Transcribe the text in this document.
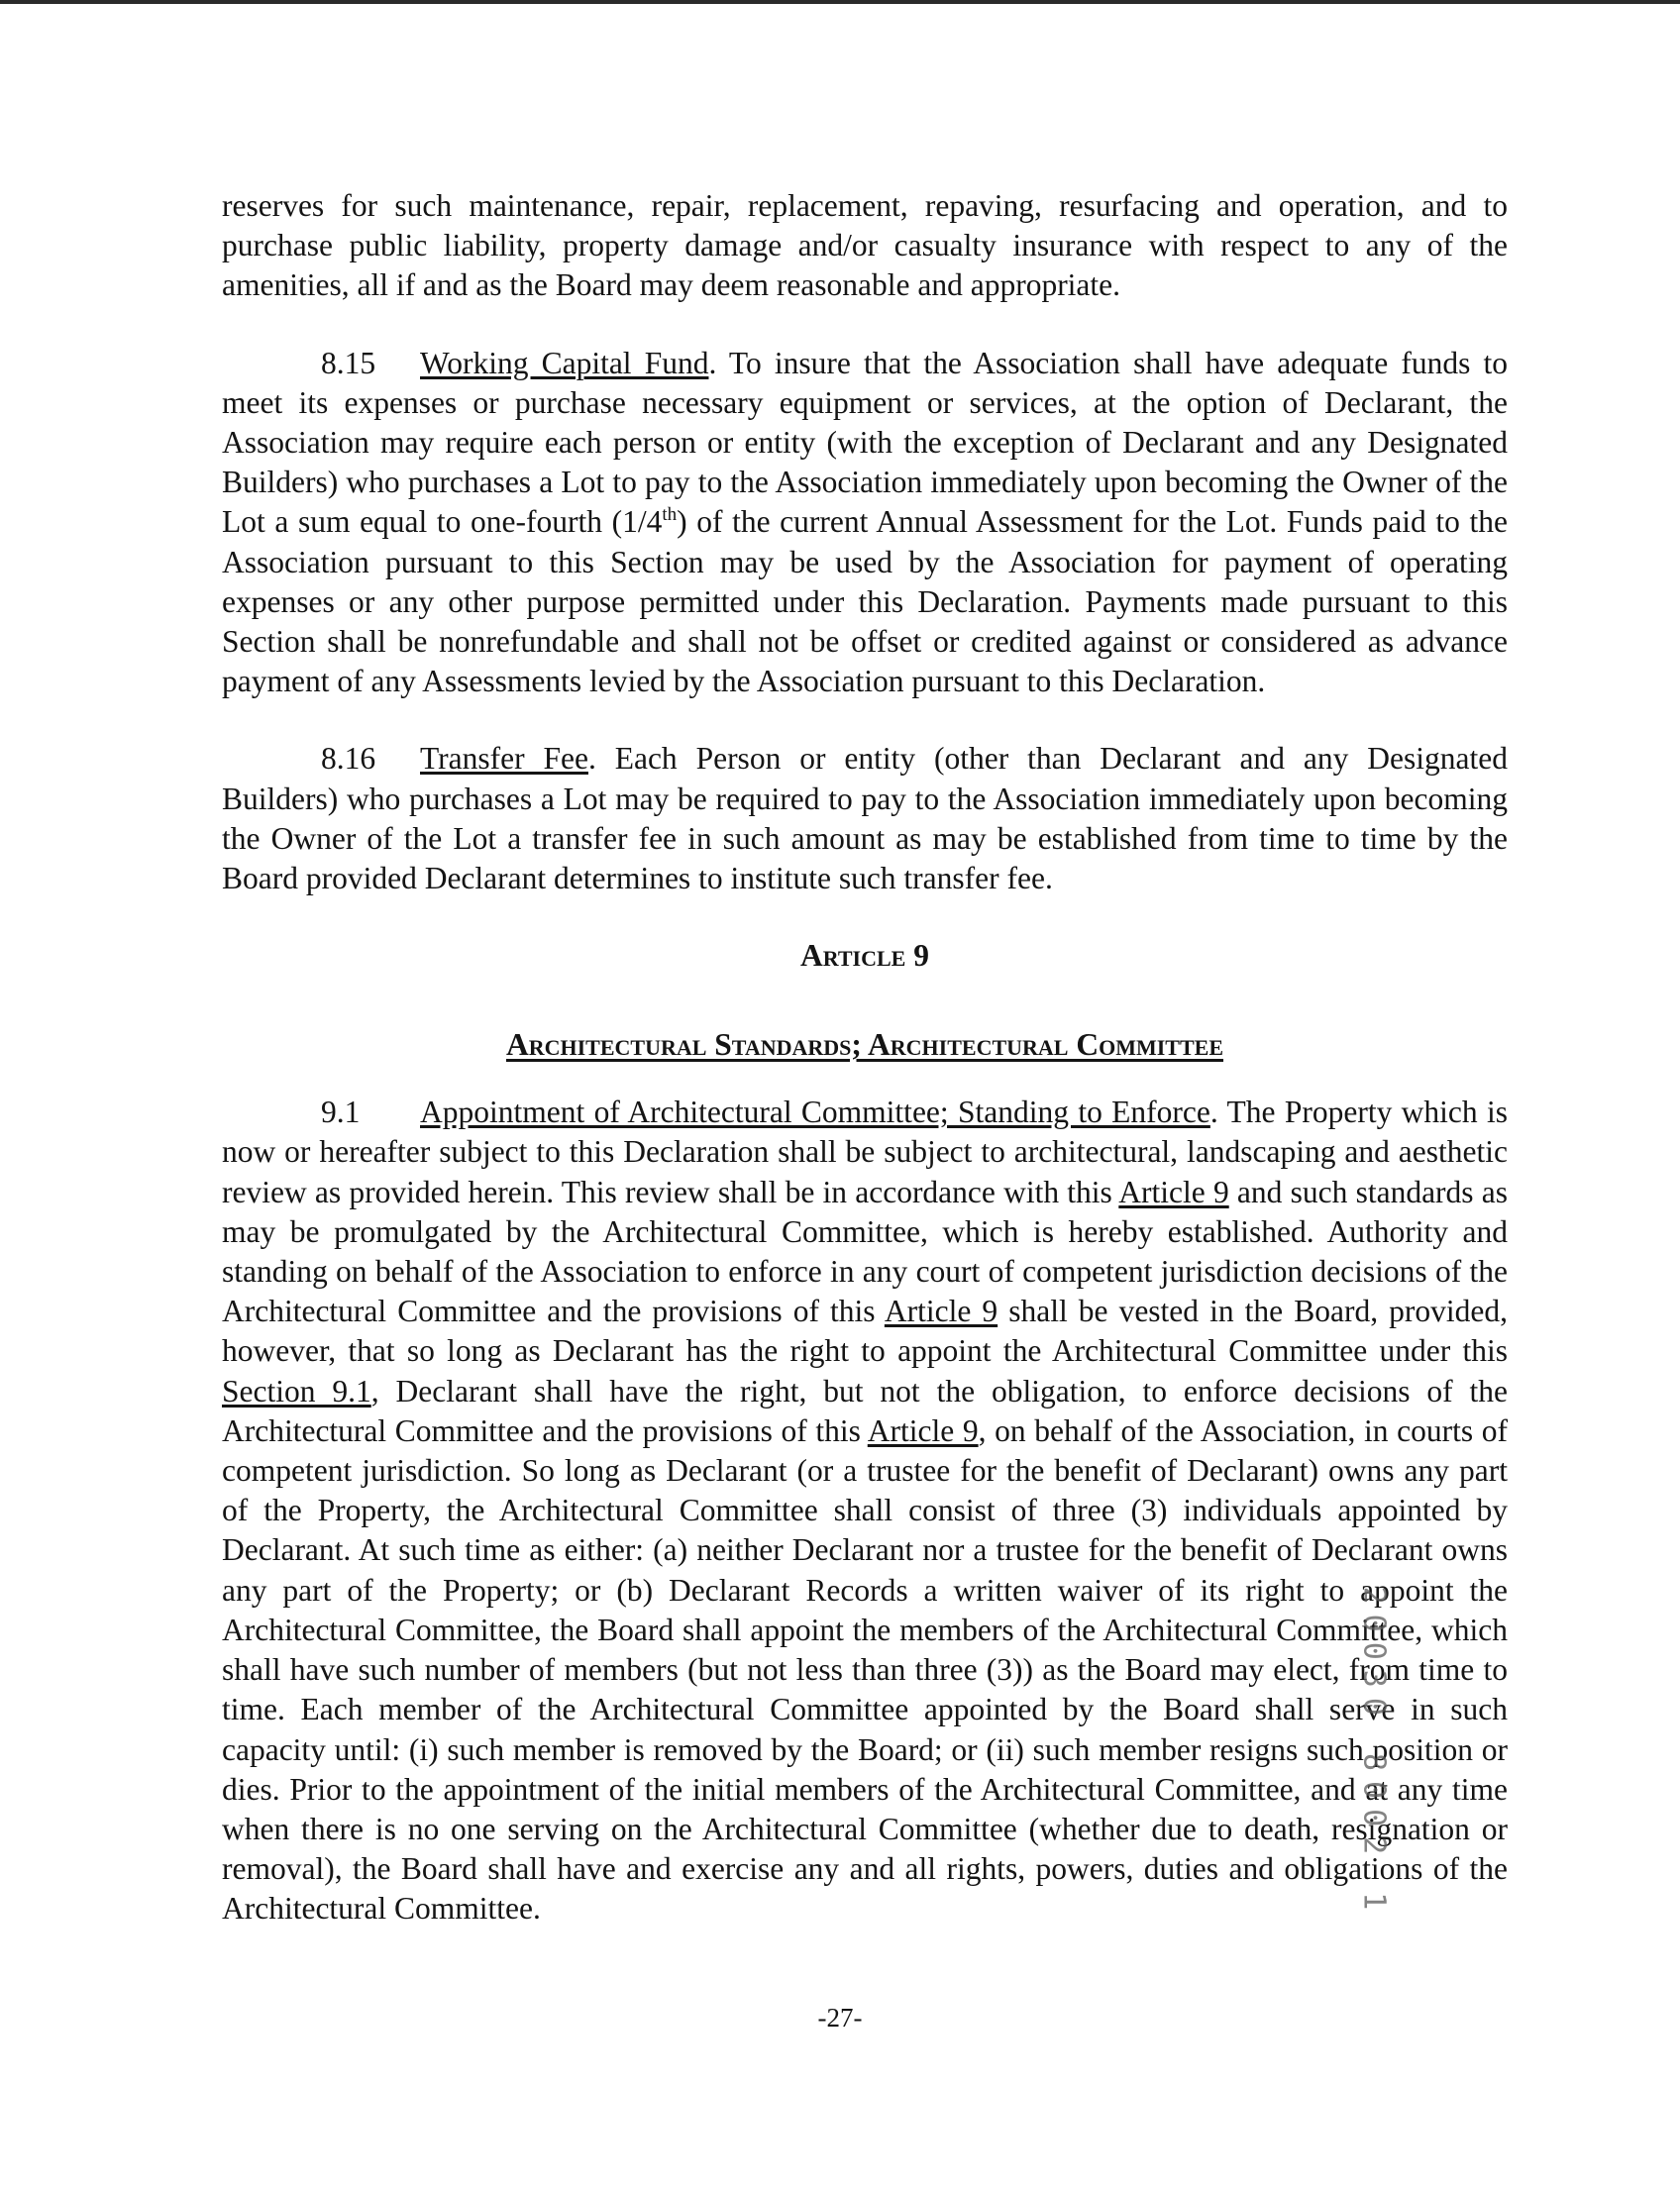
reserves for such maintenance, repair, replacement, repaving, resurfacing and operation, and to purchase public liability, property damage and/or casualty insurance with respect to any of the amenities, all if and as the Board may deem reasonable and appropriate.

8.15 Working Capital Fund. To insure that the Association shall have adequate funds to meet its expenses or purchase necessary equipment or services, at the option of Declarant, the Association may require each person or entity (with the exception of Declarant and any Designated Builders) who purchases a Lot to pay to the Association immediately upon becoming the Owner of the Lot a sum equal to one-fourth (1/4th) of the current Annual Assessment for the Lot. Funds paid to the Association pursuant to this Section may be used by the Association for payment of operating expenses or any other purpose permitted under this Declaration. Payments made pursuant to this Section shall be nonrefundable and shall not be offset or credited against or considered as advance payment of any Assessments levied by the Association pursuant to this Declaration.

8.16 Transfer Fee. Each Person or entity (other than Declarant and any Designated Builders) who purchases a Lot may be required to pay to the Association immediately upon becoming the Owner of the Lot a transfer fee in such amount as may be established from time to time by the Board provided Declarant determines to institute such transfer fee.

Article 9
Architectural Standards; Architectural Committee

9.1 Appointment of Architectural Committee; Standing to Enforce. The Property which is now or hereafter subject to this Declaration shall be subject to architectural, landscaping and aesthetic review as provided herein. This review shall be in accordance with this Article 9 and such standards as may be promulgated by the Architectural Committee, which is hereby established. Authority and standing on behalf of the Association to enforce in any court of competent jurisdiction decisions of the Architectural Committee and the provisions of this Article 9 shall be vested in the Board, provided, however, that so long as Declarant has the right to appoint the Architectural Committee under this Section 9.1, Declarant shall have the right, but not the obligation, to enforce decisions of the Architectural Committee and the provisions of this Article 9, on behalf of the Association, in courts of competent jurisdiction. So long as Declarant (or a trustee for the benefit of Declarant) owns any part of the Property, the Architectural Committee shall consist of three (3) individuals appointed by Declarant. At such time as either: (a) neither Declarant nor a trustee for the benefit of Declarant owns any part of the Property; or (b) Declarant Records a written waiver of its right to appoint the Architectural Committee, the Board shall appoint the members of the Architectural Committee, which shall have such number of members (but not less than three (3)) as the Board may elect, from time to time. Each member of the Architectural Committee appointed by the Board shall serve in such capacity until: (i) such member is removed by the Board; or (ii) such member resigns such position or dies. Prior to the appointment of the initial members of the Architectural Committee, and at any time when there is no one serving on the Architectural Committee (whether due to death, resignation or removal), the Board shall have and exercise any and all rights, powers, duties and obligations of the Architectural Committee.	20030 8002 1
-27-
